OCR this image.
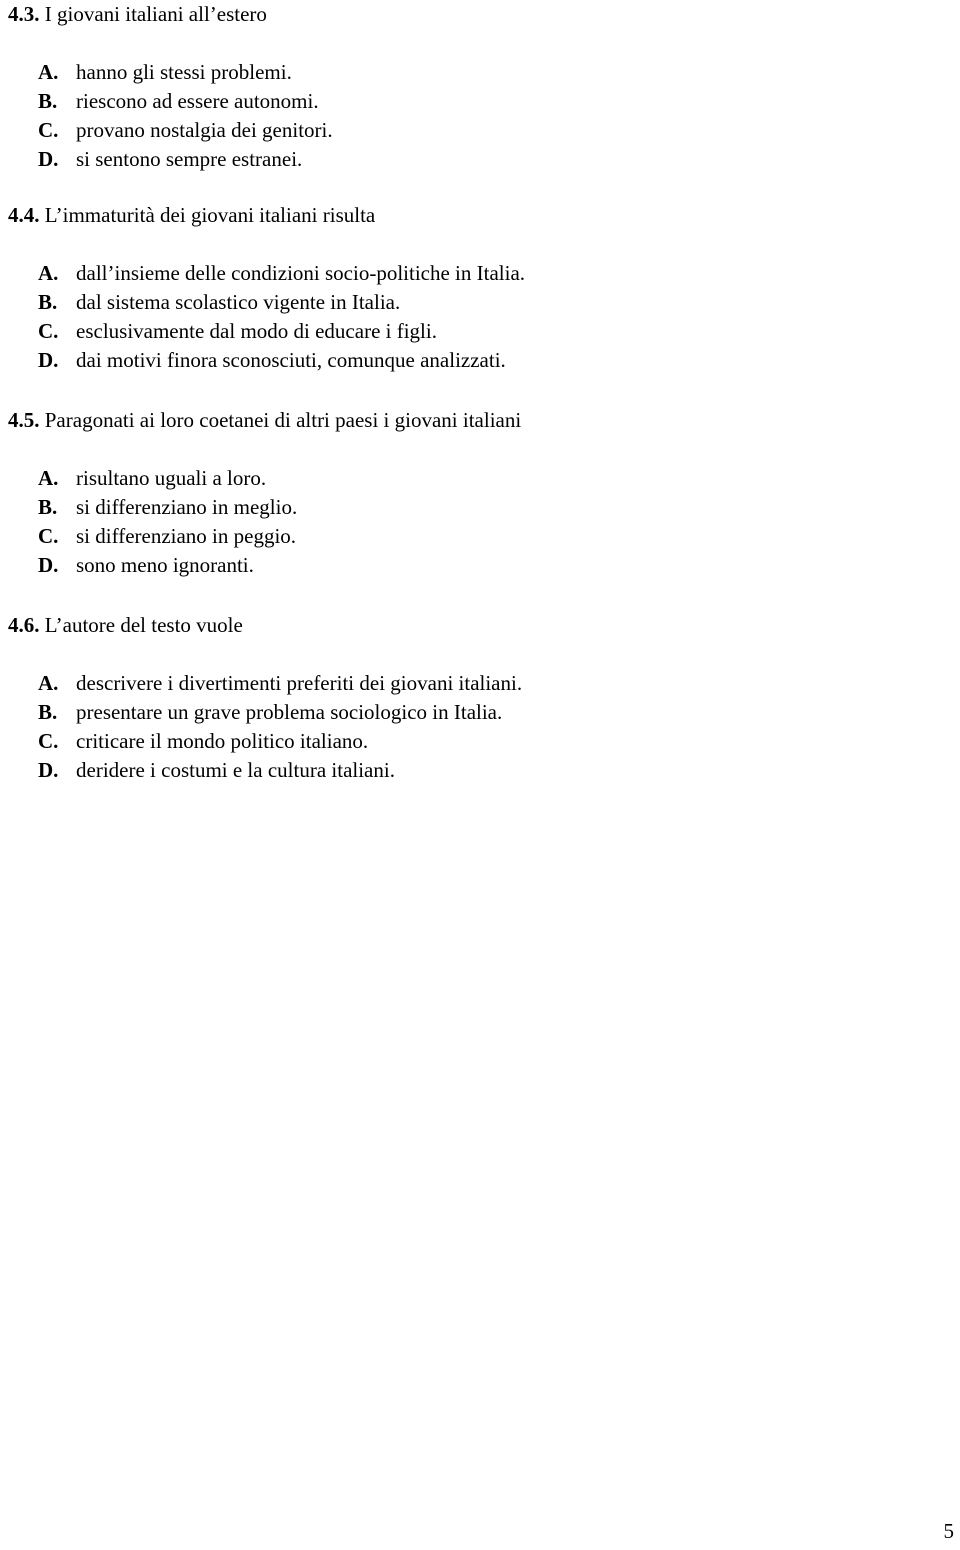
4.3. I giovani italiani all’estero
A. hanno gli stessi problemi.
B. riescono ad essere autonomi.
C. provano nostalgia dei genitori.
D. si sentono sempre estranei.
4.4. L’immaturità dei giovani italiani risulta
A. dall’insieme delle condizioni socio-politiche in Italia.
B. dal sistema scolastico vigente in Italia.
C. esclusivamente dal modo di educare i figli.
D. dai motivi finora sconosciuti, comunque analizzati.
4.5. Paragonati ai loro coetanei di altri paesi i giovani italiani
A. risultano uguali a loro.
B. si differenziano in meglio.
C. si differenziano in peggio.
D. sono meno ignoranti.
4.6. L’autore del testo vuole
A. descrivere i divertimenti preferiti dei giovani italiani.
B. presentare un grave problema sociologico in Italia.
C. criticare il mondo politico italiano.
D. deridere i costumi e la cultura italiani.
5
